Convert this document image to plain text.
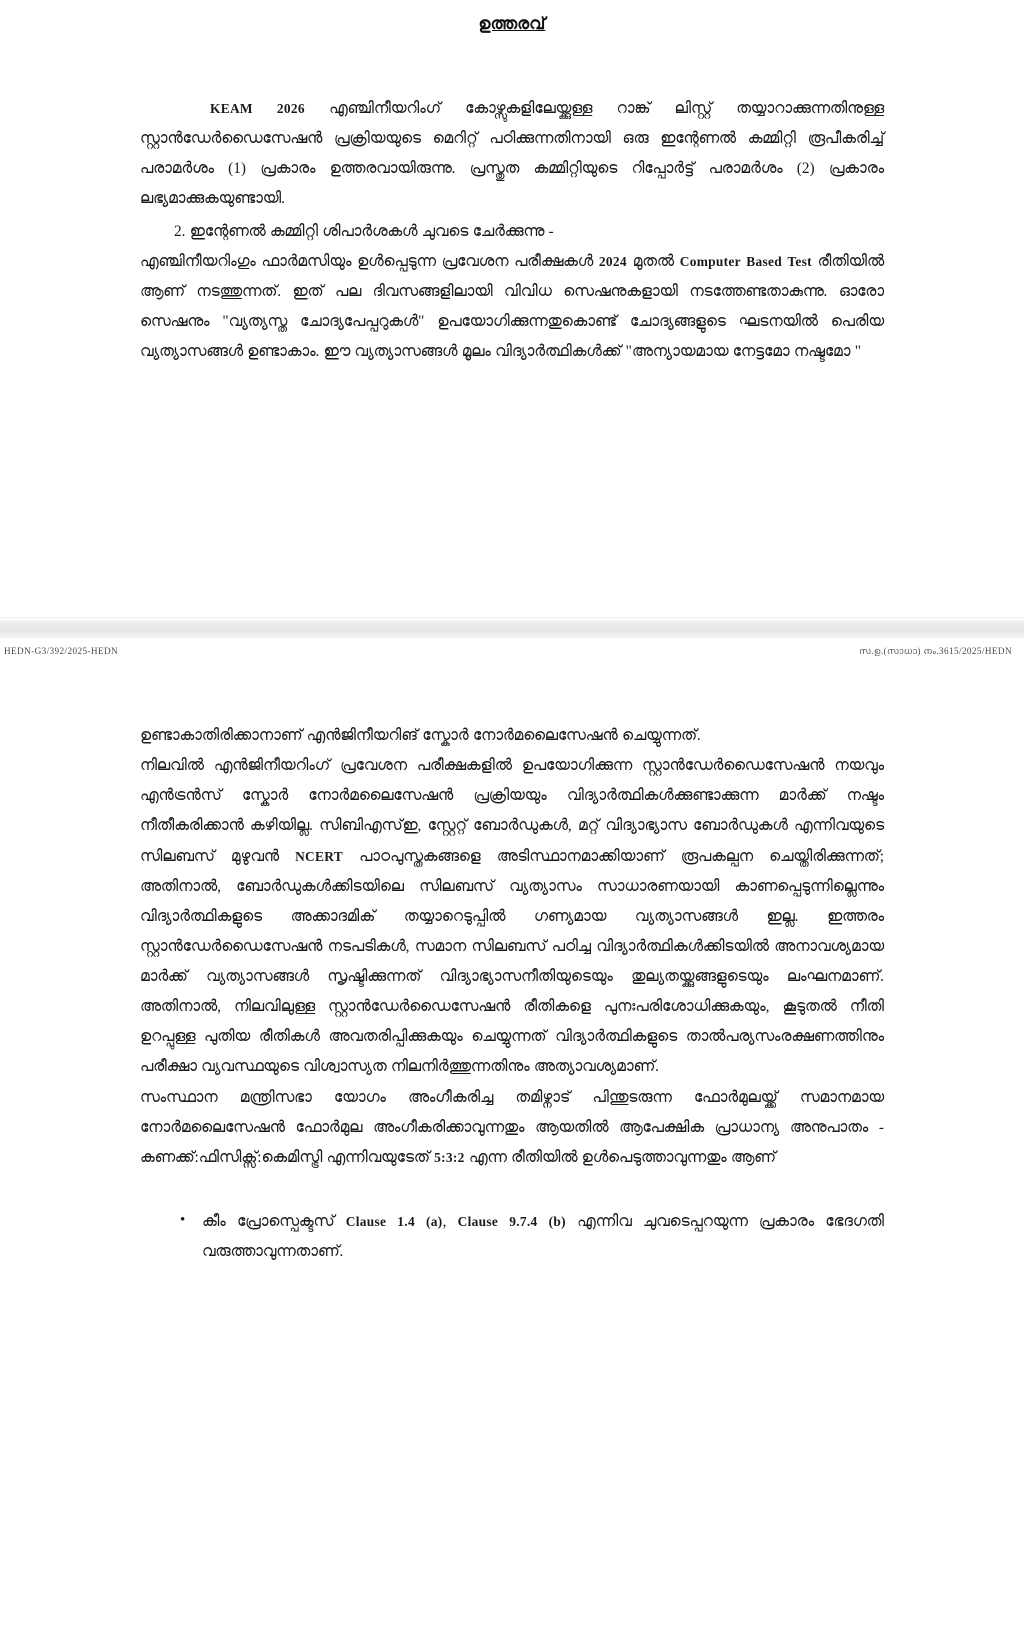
ഉത്തരവ്

KEAM 2026 എഞ്ചിനീയറിംഗ് കോഴ്സുകളിലേയ്ക്കുള്ള റാങ്ക് ലിസ്റ്റ് തയ്യാറാക്കുന്നതിനുള്ള സ്റ്റാൻഡേർഡൈസേഷൻ പ്രക്രിയയുടെ മെറിറ്റ് പഠിക്കുന്നതിനായി ഒരു ഇന്റേണൽ കമ്മിറ്റി രൂപീകരിച്ച് പരാമർശം (1) പ്രകാരം ഉത്തരവായിരുന്നു. പ്രസ്തുത കമ്മിറ്റിയുടെ റിപ്പോർട്ട് പരാമർശം (2) പ്രകാരം ലഭ്യമാക്കുകയുണ്ടായി.

2. ഇന്റേണൽ കമ്മിറ്റി ശിപാർശകൾ ചുവടെ ചേർക്കുന്നു -

എഞ്ചിനീയറിംഗും ഫാർമസിയും ഉൾപ്പെടുന്ന പ്രവേശന പരീക്ഷകൾ 2024 മുതൽ Computer Based Test രീതിയിൽ ആണ് നടത്തുന്നത്. ഇത് പല ദിവസങ്ങളിലായി വിവിധ സെഷനുകളായി നടത്തേണ്ടതാകുന്നു. ഓരോ സെഷനും "വ്യത്യസ്ത ചോദ്യപേപ്പറുകൾ" ഉപയോഗിക്കുന്നതുകൊണ്ട് ചോദ്യങ്ങളുടെ ഘടനയിൽ പെരിയ വ്യത്യാസങ്ങൾ ഉണ്ടാകാം. ഈ വ്യത്യാസങ്ങൾ മൂലം വിദ്യാർത്ഥികൾക്ക് "അന്യായമായ നേട്ടമോ നഷ്ടമോ "

HEDN-G3/392/2025-HEDN	സ.ഉ.(സാധാ) നം.3615/2025/HEDN

ഉണ്ടാകാതിരിക്കാനാണ് എൻജിനീയറിങ് സ്കോർ നോർമലൈസേഷൻ ചെയ്യുന്നത്.

നിലവിൽ എൻജിനീയറിംഗ് പ്രവേശന പരീക്ഷകളിൽ ഉപയോഗിക്കുന്ന സ്റ്റാൻഡേർഡൈസേഷൻ നയവും എൻട്രൻസ് സ്കോർ നോർമലൈസേഷൻ പ്രക്രിയയും വിദ്യാർത്ഥികൾക്കുണ്ടാക്കുന്ന മാർക്ക് നഷ്ടം നീതീകരിക്കാൻ കഴിയില്ല. സിബിഎസ്ഇ, സ്റ്റേറ്റ് ബോർഡുകൾ, മറ്റ് വിദ്യാഭ്യാസ ബോർഡുകൾ എന്നിവയുടെ സിലബസ് മുഴുവൻ NCERT പാഠപുസ്തകങ്ങളെ അടിസ്ഥാനമാക്കിയാണ് രൂപകല്പന ചെയ്തിരിക്കുന്നത്; അതിനാൽ, ബോർഡുകൾക്കിടയിലെ സിലബസ് വ്യത്യാസം സാധാരണയായി കാണപ്പെടുന്നില്ലെന്നും വിദ്യാർത്ഥികളുടെ അക്കാദമിക് തയ്യാറെടുപ്പിൽ ഗണ്യമായ വ്യത്യാസങ്ങൾ ഇല്ല. ഇത്തരം സ്റ്റാൻഡേർഡൈസേഷൻ നടപടികൾ, സമാന സിലബസ് പഠിച്ച വിദ്യാർത്ഥികൾക്കിടയിൽ അനാവശ്യമായ മാർക്ക് വ്യത്യാസങ്ങൾ സൃഷ്ടിക്കുന്നത് വിദ്യാഭ്യാസനീതിയുടെയും തുല്യതയ്ക്കുങ്ങളുടെയും ലംഘനമാണ്. അതിനാൽ, നിലവിലുള്ള സ്റ്റാൻഡേർഡൈസേഷൻ രീതികളെ പുനഃപരിശോധിക്കുകയും, കൂടുതൽ നീതി ഉറപ്പുള്ള പുതിയ രീതികൾ അവതരിപ്പിക്കുകയും ചെയ്യുന്നത് വിദ്യാർത്ഥികളുടെ താൽപര്യസംരക്ഷണത്തിനും പരീക്ഷാ വ്യവസ്ഥയുടെ വിശ്വാസ്യത നിലനിർത്തുന്നതിനും അത്യാവശ്യമാണ്.

സംസ്ഥാന മന്ത്രിസഭാ യോഗം അംഗീകരിച്ച തമിഴ്നാട് പിന്തുടരുന്ന ഫോർമുലയ്ക്ക് സമാനമായ നോർമലൈസേഷൻ ഫോർമുല അംഗീകരിക്കാവുന്നതും ആയതിൽ ആപേക്ഷിക പ്രാധാന്യ അനുപാതം - കണക്ക്:ഫിസിക്സ്:കെമിസ്ട്രി എന്നിവയുടേത് 5:3:2 എന്ന രീതിയിൽ ഉൾപെടുത്താവുന്നതും ആണ്

• കീം പ്രോസ്പെക്ടസ് Clause 1.4 (a), Clause 9.7.4 (b) എന്നിവ ചുവടെപ്പറയുന്ന പ്രകാരം ഭേദഗതി വരുത്താവുന്നതാണ്.
